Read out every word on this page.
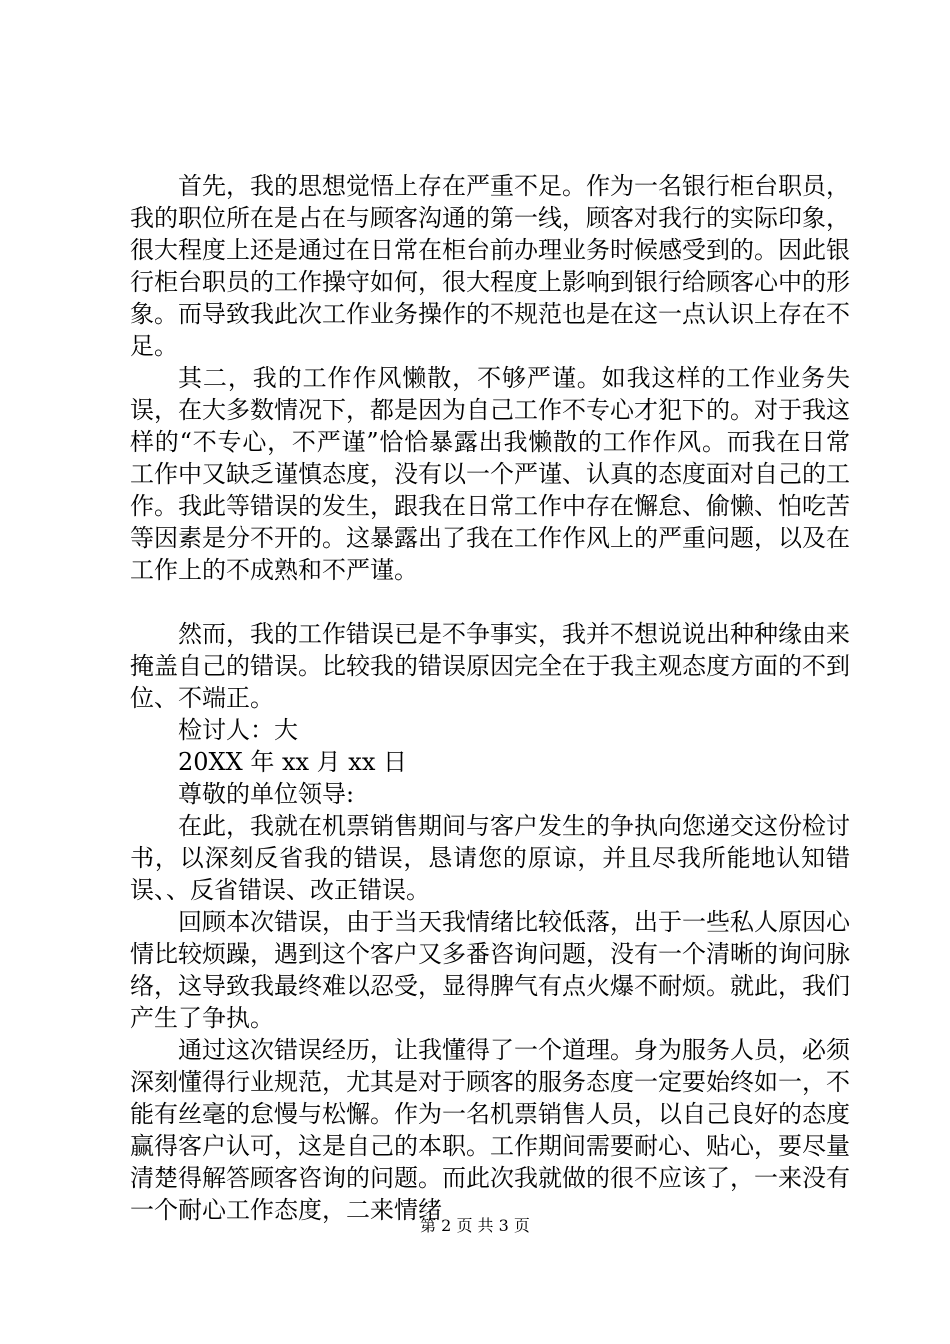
首先，我的思想觉悟上存在严重不足。作为一名银行柜台职员，我的职位所在是占在与顾客沟通的第一线，顾客对我行的实际印象，很大程度上还是通过在日常在柜台前办理业务时候感受到的。因此银行柜台职员的工作操守如何，很大程度上影响到银行给顾客心中的形象。而导致我此次工作业务操作的不规范也是在这一点认识上存在不足。

其二，我的工作作风懒散，不够严谨。如我这样的工作业务失误，在大多数情况下，都是因为自己工作不专心才犯下的。对于我这样的“不专心，不严谨”恰恰暴露出我懒散的工作作风。而我在日常工作中又缺乏谨慎态度，没有以一个严谨、认真的态度面对自己的工作。我此等错误的发生，跟我在日常工作中存在懈怠、偷懒、怕吃苦等因素是分不开的。这暴露出了我在工作作风上的严重问题，以及在工作上的不成熟和不严谨。

然而，我的工作错误已是不争事实，我并不想说说出种种缘由来掩盖自己的错误。比较我的错误原因完全在于我主观态度方面的不到位、不端正。

检讨人：大

20XX 年 xx 月 xx 日

尊敬的单位领导:

在此，我就在机票销售期间与客户发生的争执向您递交这份检讨书，以深刻反省我的错误，恳请您的原谅，并且尽我所能地认知错误、、反省错误、改正错误。

回顾本次错误，由于当天我情绪比较低落，出于一些私人原因心情比较烦躁，遇到这个客户又多番咨询问题，没有一个清晰的询问脉络，这导致我最终难以忍受，显得脾气有点火爆不耐烦。就此，我们产生了争执。

通过这次错误经历，让我懂得了一个道理。身为服务人员，必须深刻懂得行业规范，尤其是对于顾客的服务态度一定要始终如一，不能有丝毫的怠慢与松懈。作为一名机票销售人员，以自己良好的态度赢得客户认可，这是自己的本职。工作期间需要耐心、贴心，要尽量清楚得解答顾客咨询的问题。而此次我就做的很不应该了，一来没有一个耐心工作态度，二来情绪

第 2 页 共 3 页
